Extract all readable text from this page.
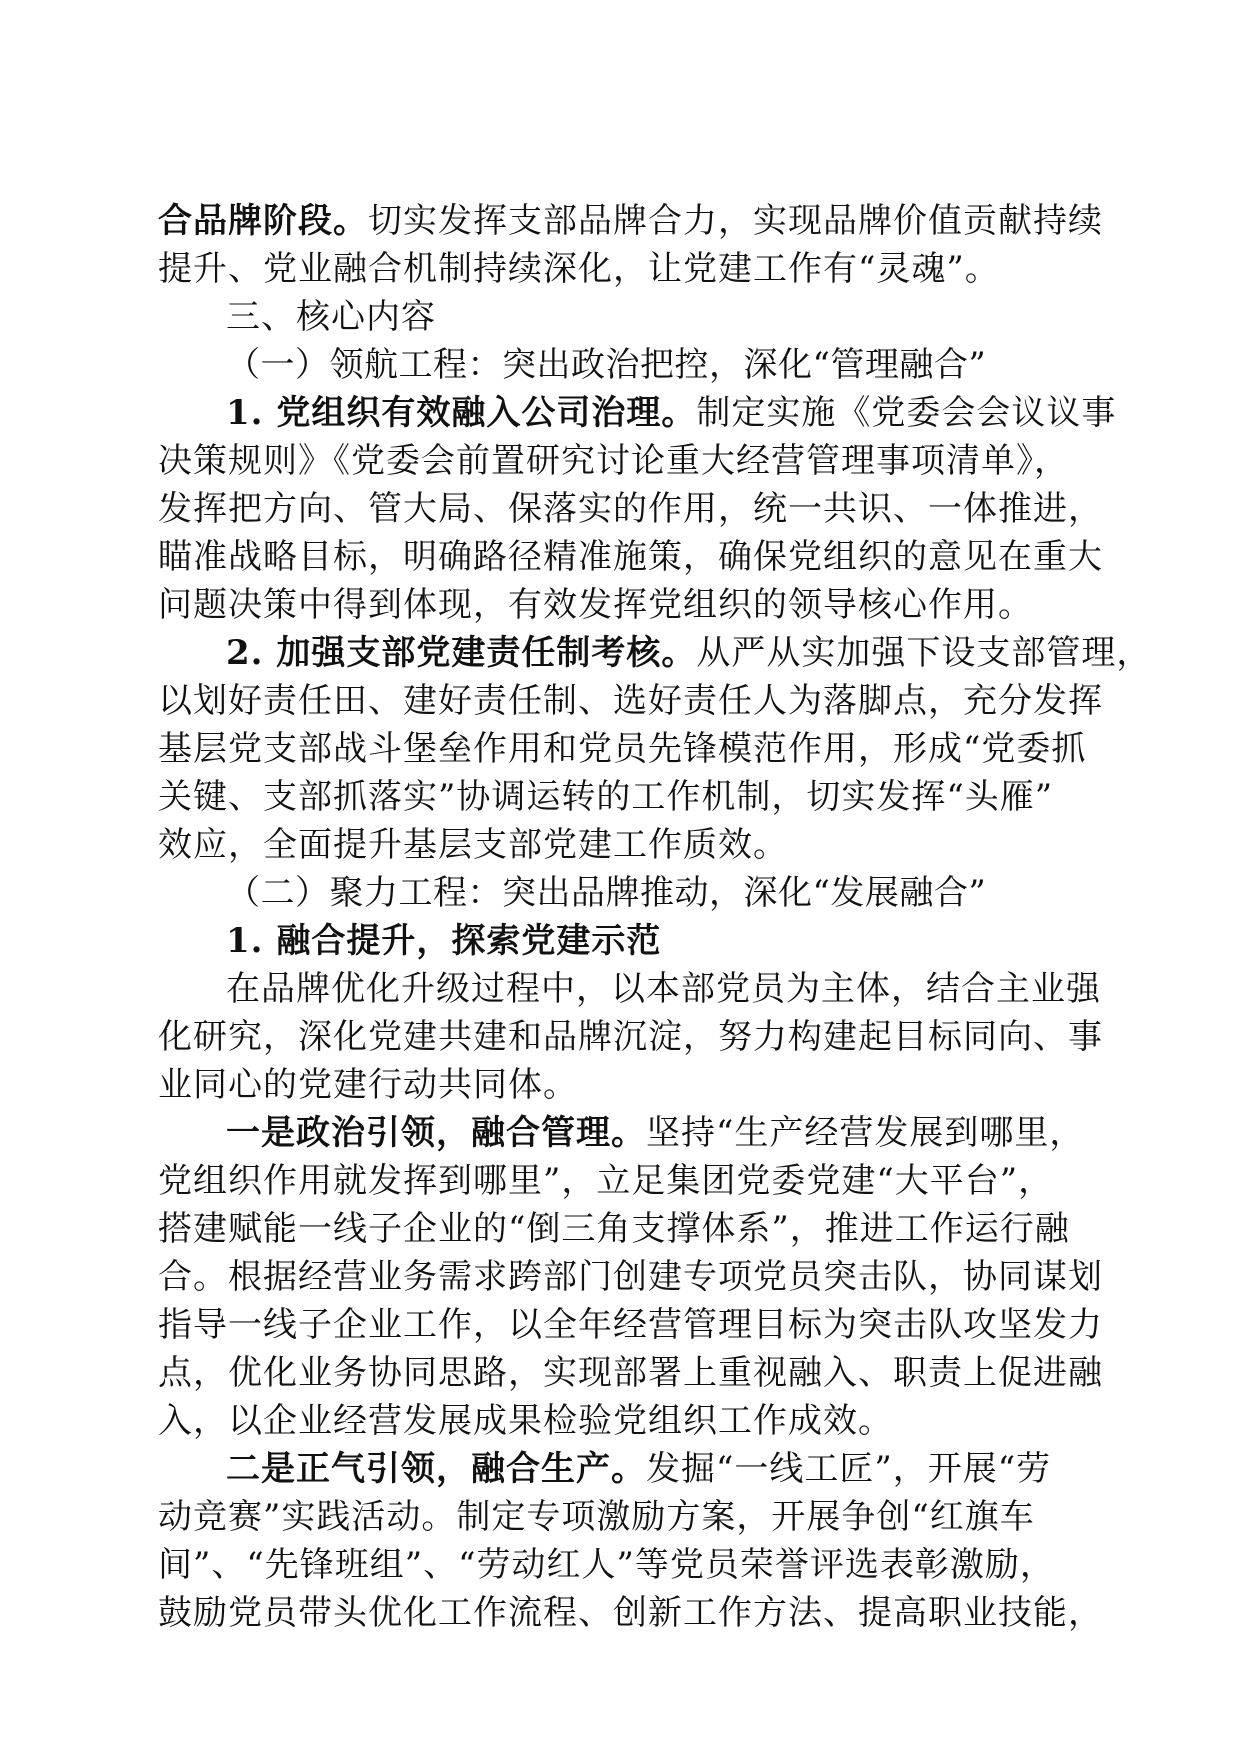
合品牌阶段。切实发挥支部品牌合力，实现品牌价值贡献持续
提升、党业融合机制持续深化，让党建工作有“灵魂”。
三、核心内容
（一）领航工程：突出政治把控，深化“管理融合”
1. 党组织有效融入公司治理。制定实施《党委会会议议事
决策规则》《党委会前置研究讨论重大经营管理事项清单》，
发挥把方向、管大局、保落实的作用，统一共识、一体推进，
瞄准战略目标，明确路径精准施策，确保党组织的意见在重大
问题决策中得到体现，有效发挥党组织的领导核心作用。
2. 加强支部党建责任制考核。从严从实加强下设支部管理，
以划好责任田、建好责任制、选好责任人为落脚点，充分发挥
基层党支部战斗堡垒作用和党员先锋模范作用，形成“党委抓
关键、支部抓落实”协调运转的工作机制，切实发挥“头雁”
效应，全面提升基层支部党建工作质效。
（二）聚力工程：突出品牌推动，深化“发展融合”
1. 融合提升，探索党建示范
在品牌优化升级过程中，以本部党员为主体，结合主业强
化研究，深化党建共建和品牌沉淀，努力构建起目标同向、事
业同心的党建行动共同体。
一是政治引领，融合管理。坚持“生产经营发展到哪里，
党组织作用就发挥到哪里”，立足集团党委党建“大平台”，
搭建赋能一线子企业的“倒三角支撑体系”，推进工作运行融
合。根据经营业务需求跨部门创建专项党员突击队，协同谋划
指导一线子企业工作，以全年经营管理目标为突击队攻坚发力
点，优化业务协同思路，实现部署上重视融入、职责上促进融
入，以企业经营发展成果检验党组织工作成效。
二是正气引领，融合生产。发掘“一线工匠”，开展“劳
动竞赛”实践活动。制定专项激励方案，开展争创“红旗车
间”、“先锋班组”、“劳动红人”等党员荣誉评选表彰激励，
鼓励党员带头优化工作流程、创新工作方法、提高职业技能，
